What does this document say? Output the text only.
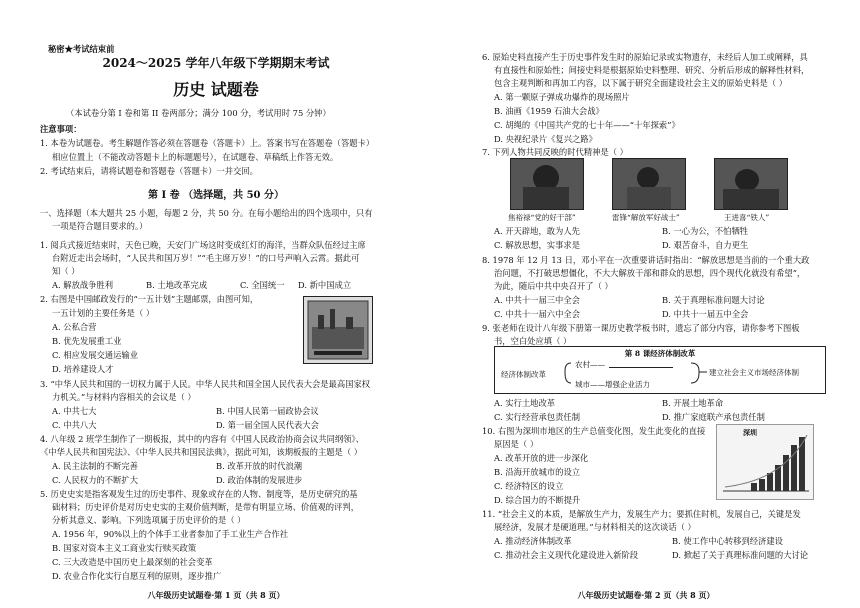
秘密★考试结束前
2024～2025 学年八年级下学期期末考试
历史 试题卷
（本试卷分第 I 卷和第 II 卷两部分；满分 100 分，考试用时 75 分钟）
注意事项：
1. 本卷为试题卷。考生解题作答必须在答题卷（答题卡）上。答案书写在答题卷（答题卡）
相应位置上（不能改动答题卡上的标题题号），在试题卷、草稿纸上作答无效。
2. 考试结束后，请将试题卷和答题卷（答题卡）一并交回。
第 I 卷 （选择题，共 50 分）
一、选择题（本大题共 25 小题，每题 2 分，共 50 分。在每小题给出的四个选项中，只有
一项是符合题目要求的。）
1. 阅兵式接近结束时，天色已晚，天安门广场这时变成红灯的海洋，当群众队伍经过主席
台附近走出会场时，“人民共和国万岁！”“毛主席万岁！”的口号声响入云霄。据此可
知（ ）
A. 解放战争胜利	B. 土地改革完成	C. 全国统一 D. 新中国成立
2. 右图是中国邮政发行的“一五计划”主题邮票，由图可知，
一五计划的主要任务是（ ）
A. 公私合营
B. 优先发展重工业
C. 相应发展交通运输业
D. 培养建设人才
3. “中华人民共和国的一切权力属于人民。中华人民共和国全国人民代表大会是最高国家权
力机关。”与材料内容相关的会议是（ ）
A. 中共七大	B. 中国人民第一届政协会议
C. 中共八大	D. 第一届全国人民代表大会
4. 八年级 2 班学生制作了一期板报，其中的内容有《中国人民政治协商会议共同纲领》、
《中华人民共和国宪法》、《中华人民共和国民法典》，据此可知，该期板报的主题是（ ）
A. 民主法制的不断完善	B. 改革开放的时代浪潮
C. 人民权力的不断扩大	D. 政治体制的发展进步
5. 历史史实是指客观发生过的历史事件、现象或存在的人物、制度等，是历史研究的基
础材料；历史评价是对历史史实的主观价值判断，是带有明显立场、价值观的评判，
分析其意义、影响。下列选项属于历史评价的是（ ）
A. 1956 年，90%以上的个体手工业者参加了手工业生产合作社
B. 国家对资本主义工商业实行赎买政策
C. 三大改造是中国历史上最深刻的社会变革
D. 农业合作化实行自愿互利的原则，逐步推广
八年级历史试题卷·第 1 页（共 8 页）
6. 原始史料直接产生于历史事件发生时的原始记录或实物遗存，未经后人加工或阐释，具
有直接性和原始性；间接史料是根据原始史料整理、研究、分析后形成的解释性材料，
包含主观判断和再加工内容，以下属于研究全面建设社会主义的原始史料是（ ）
A. 第一颗原子弹成功爆炸的现场照片
B. 油画《1959 石油大会战》
C. 胡绳的《中国共产党的七十年——“十年探索”》
D. 央视纪录片《复兴之路》
7. 下列人物共同反映的时代精神是（ ）
焦裕禄“党的好干部”	雷锋“解放军好战士”	王进喜“铁人”
A. 开天辟地，敢为人先	B. 一心为公，不怕牺牲
C. 解放思想，实事求是	D. 艰苦奋斗，自力更生
8. 1978 年 12 月 13 日，邓小平在一次重要讲话时指出：“解放思想是当前的一个重大政
治问题，不打破思想僵化，不大大解放干部和群众的思想，四个现代化就没有希望”，
为此，随后中共中央召开了（ ）
A. 中共十一届三中全会	B. 关于真理标准问题大讨论
C. 中共十一届六中全会	D. 中共十一届五中全会
9. 张老师在设计八年级下册第一课历史教学板书时，遗忘了部分内容，请你参考下图板
书，空白处应填（ ）
第 8 课经济体制改革
经济体制改革
农村——
城市——增强企业活力
建立社会主义市场经济体制
A. 实行土地改革	B. 开展土地革命
C. 实行经营承包责任制	D. 推广家庭联产承包责任制
10. 右图为深圳市地区的生产总值变化图，发生此变化的直接
原因是（ ）
A. 改革开放的进一步深化
B. 沿海开放城市的设立
C. 经济特区的设立
D. 综合国力的不断提升
深圳
11. “社会主义的本质，是解放生产力，发展生产力；要抓住时机，发展自己，关键是发
展经济，发展才是硬道理。”与材料相关的这次谈话（ ）
A. 推动经济体制改革	B. 使工作中心转移到经济建设
C. 推动社会主义现代化建设进入新阶段	D. 掀起了关于真理标准问题的大讨论
八年级历史试题卷·第 2 页（共 8 页）
